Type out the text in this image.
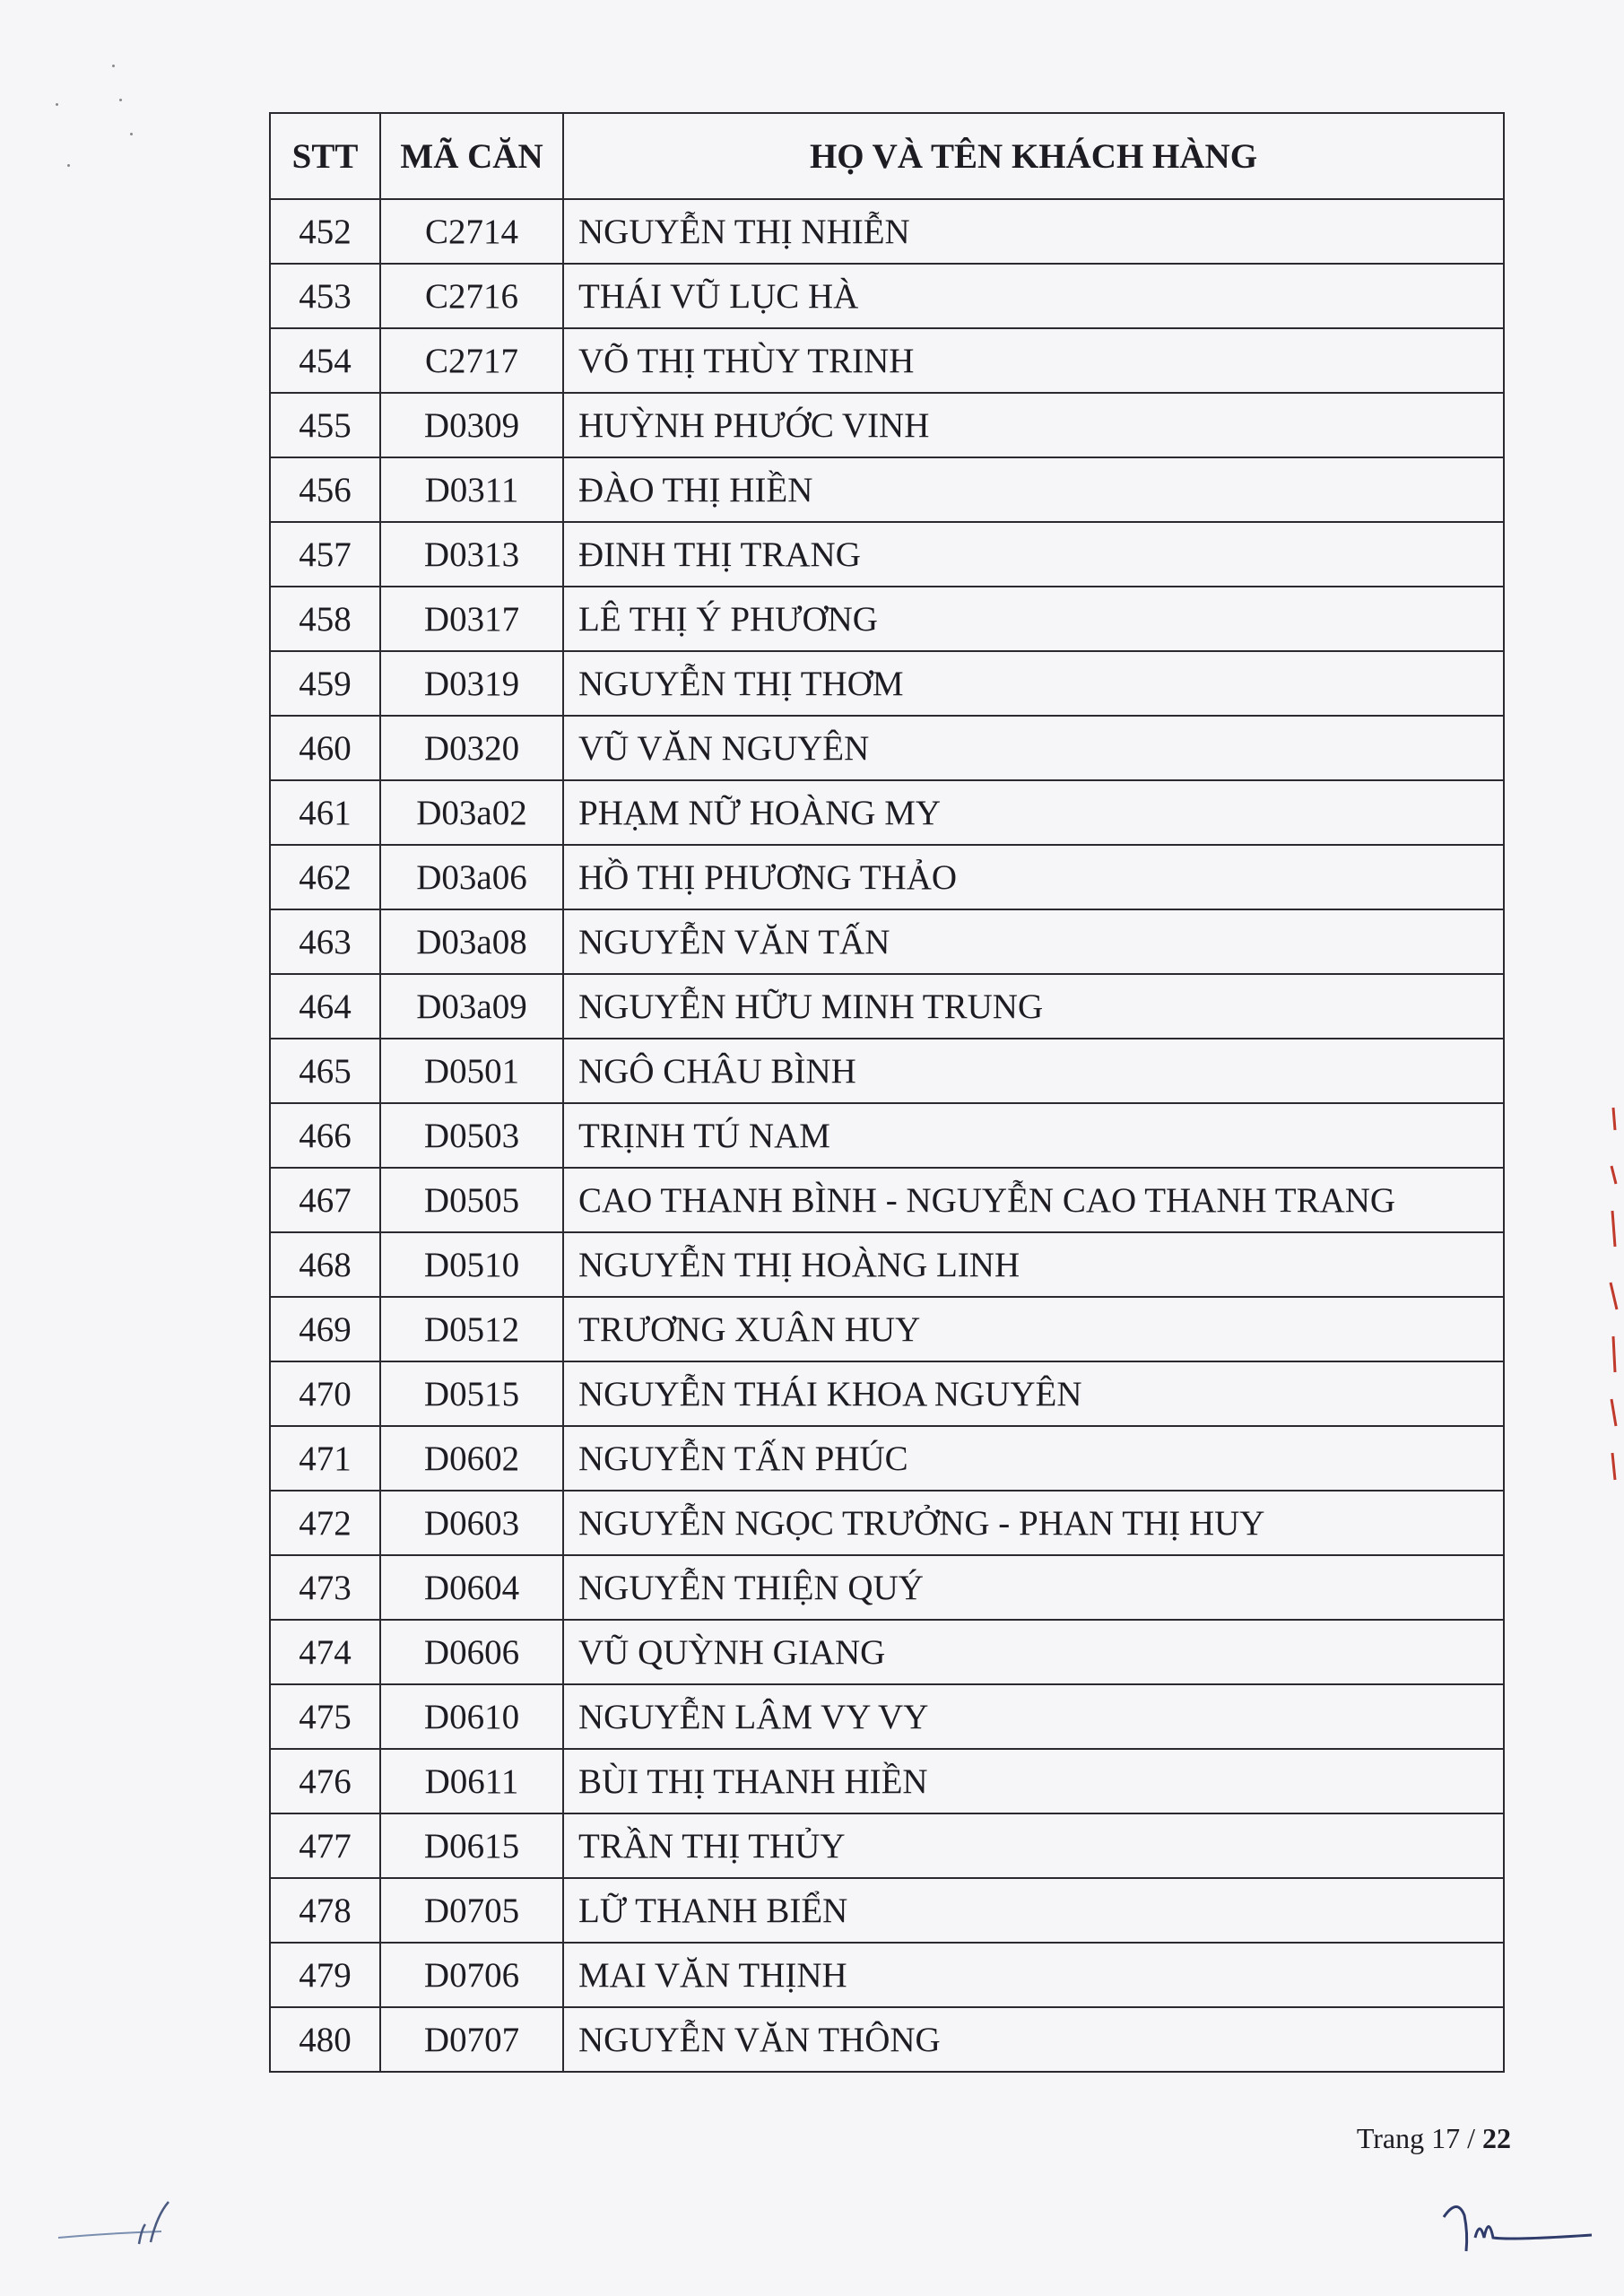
STT	MÃ CĂN	HỌ VÀ TÊN KHÁCH HÀNG
452	C2714	NGUYỄN THỊ NHIỄN
453	C2716	THÁI VŨ LỤC HÀ
454	C2717	VÕ THỊ THÙY TRINH
455	D0309	HUỲNH PHƯỚC VINH
456	D0311	ĐÀO THỊ HIỀN
457	D0313	ĐINH THỊ TRANG
458	D0317	LÊ THỊ Ý PHƯƠNG
459	D0319	NGUYỄN THỊ THƠM
460	D0320	VŨ VĂN NGUYÊN
461	D03a02	PHẠM NỮ HOÀNG MY
462	D03a06	HỒ THỊ PHƯƠNG THẢO
463	D03a08	NGUYỄN VĂN TẤN
464	D03a09	NGUYỄN HỮU MINH TRUNG
465	D0501	NGÔ CHÂU BÌNH
466	D0503	TRỊNH TÚ NAM
467	D0505	CAO THANH BÌNH - NGUYỄN CAO THANH TRANG
468	D0510	NGUYỄN THỊ HOÀNG LINH
469	D0512	TRƯƠNG XUÂN HUY
470	D0515	NGUYỄN THÁI KHOA NGUYÊN
471	D0602	NGUYỄN TẤN PHÚC
472	D0603	NGUYỄN NGỌC TRƯỞNG - PHAN THỊ HUY
473	D0604	NGUYỄN THIỆN QUÝ
474	D0606	VŨ QUỲNH GIANG
475	D0610	NGUYỄN LÂM VY VY
476	D0611	BÙI THỊ THANH HIỀN
477	D0615	TRẦN THỊ THỦY
478	D0705	LỮ THANH BIỂN
479	D0706	MAI VĂN THỊNH
480	D0707	NGUYỄN VĂN THÔNG
Trang 17 / 22
